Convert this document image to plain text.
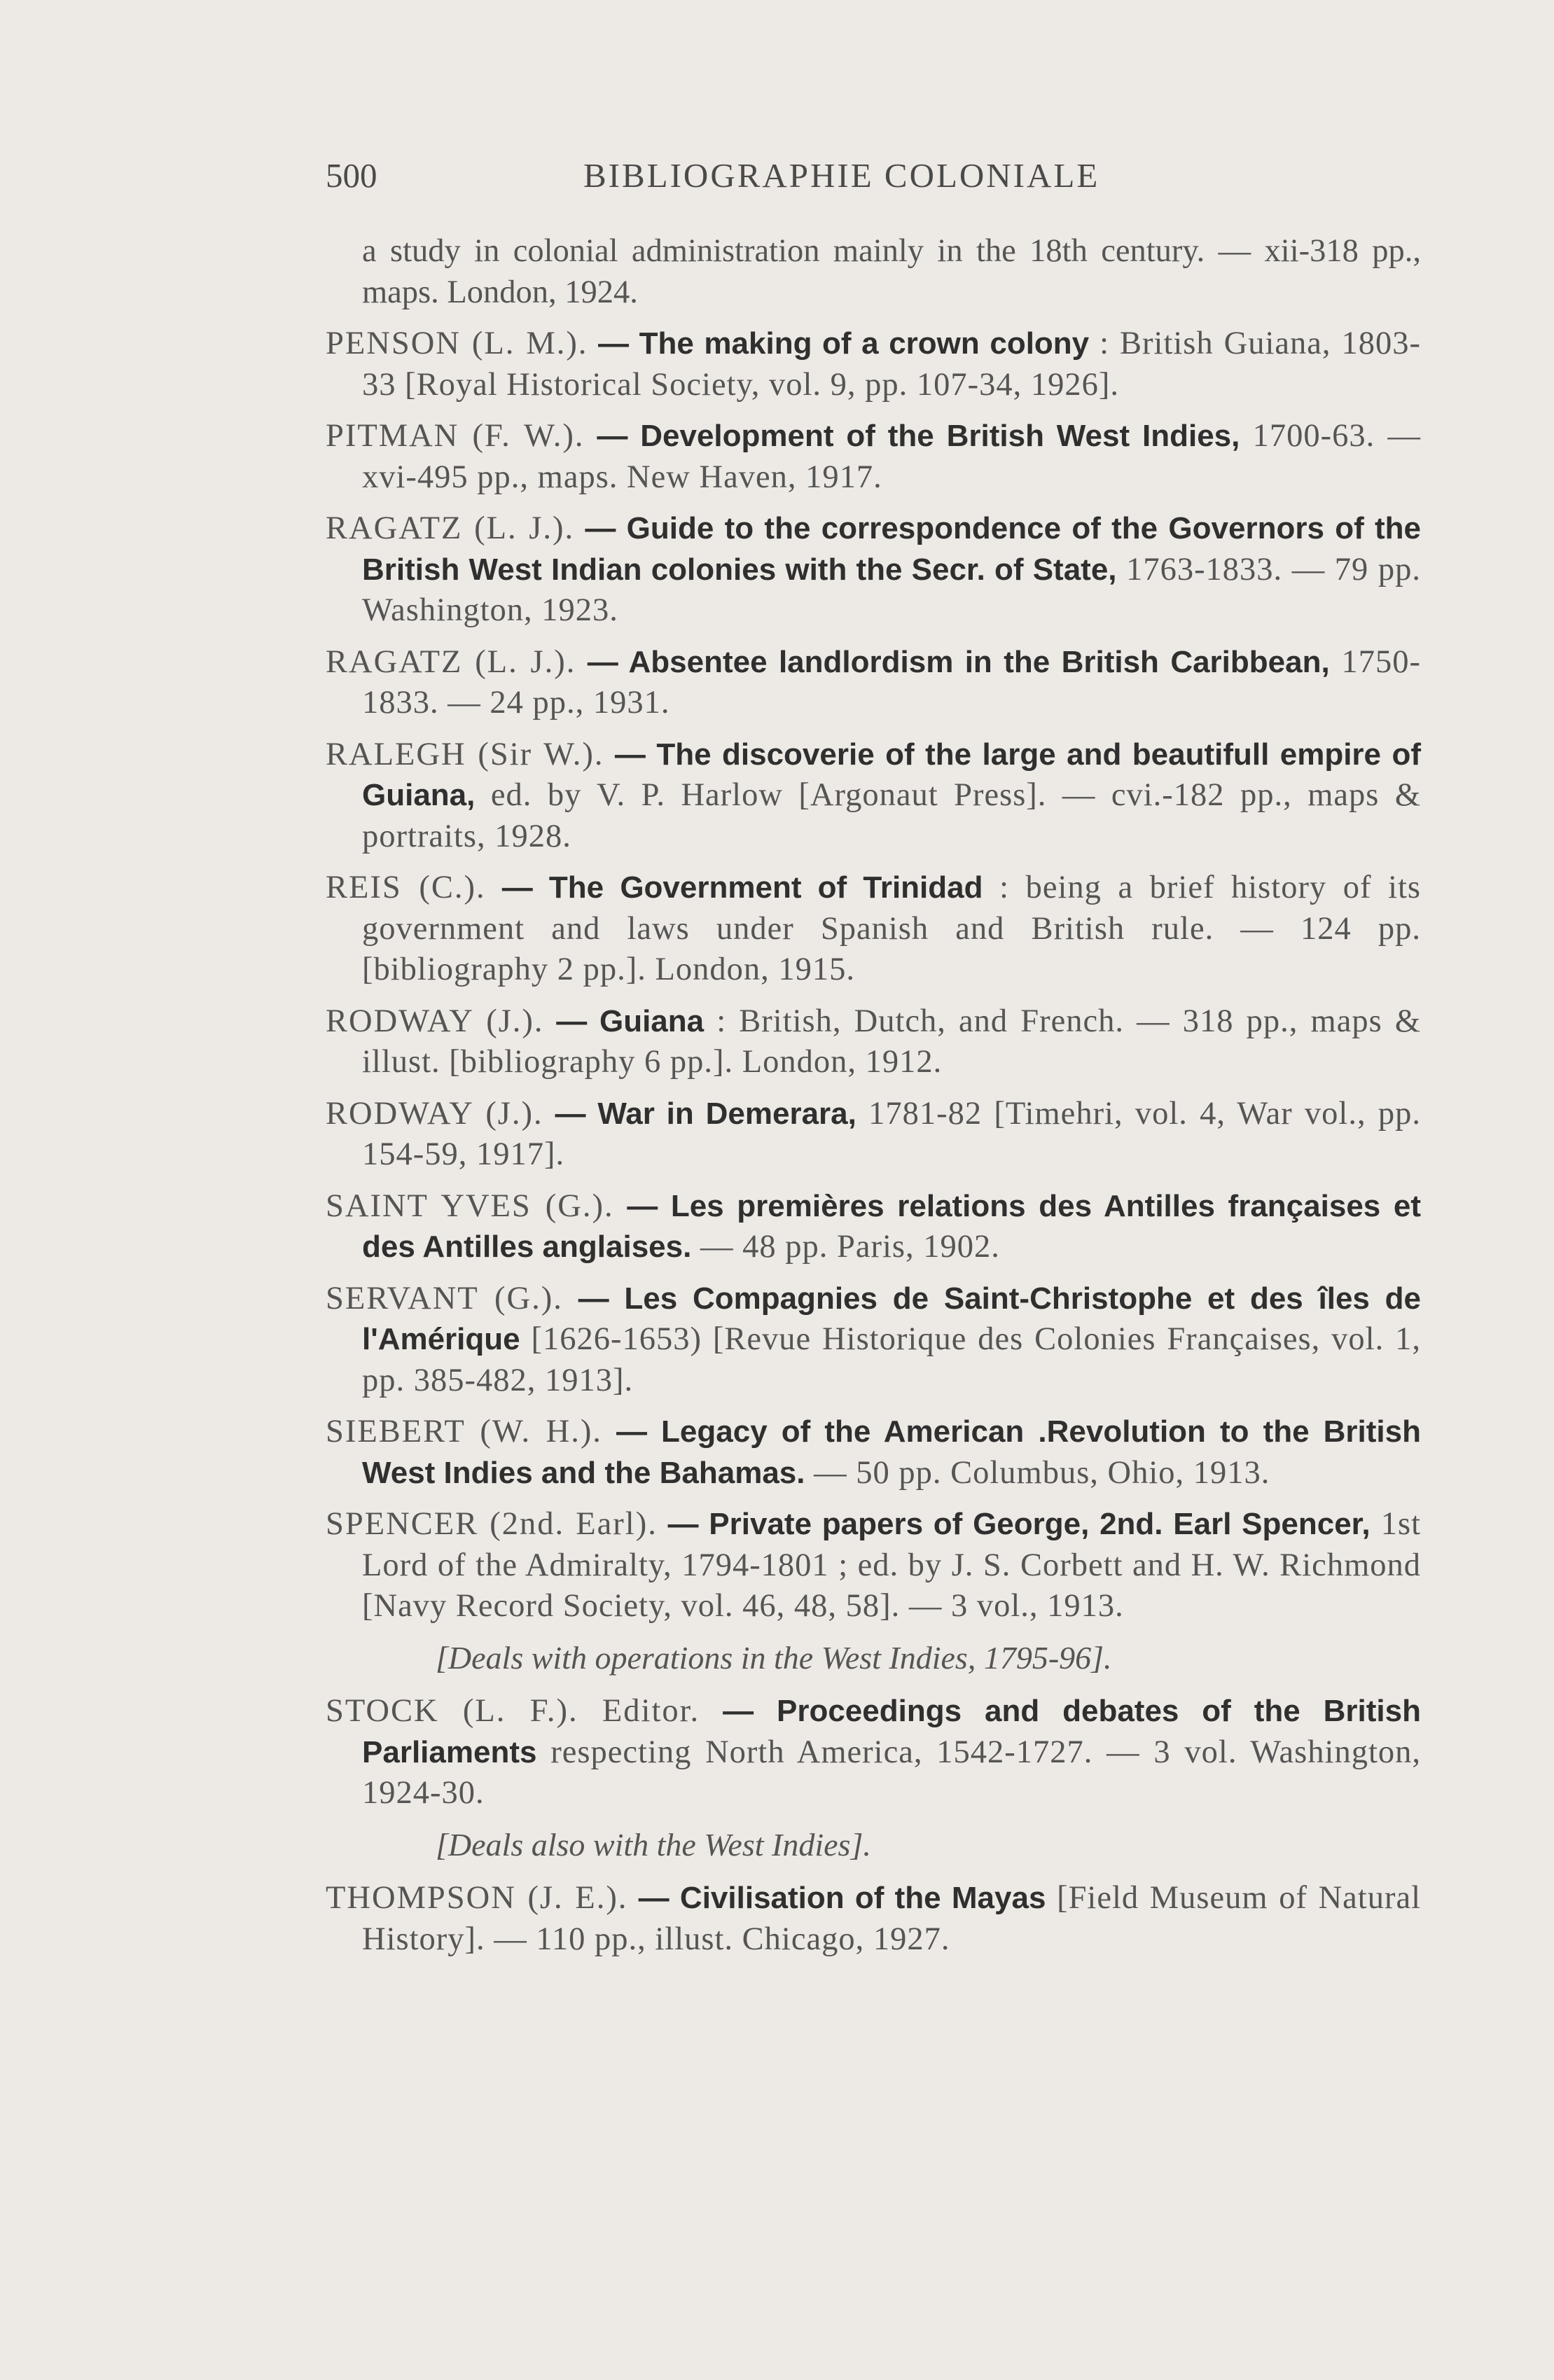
500	BIBLIOGRAPHIE COLONIALE

a study in colonial administration mainly in the 18th century. — xii-318 pp., maps. London, 1924.

PENSON (L. M.). — The making of a crown colony : British Guiana, 1803-33 [Royal Historical Society, vol. 9, pp. 107-34, 1926].

PITMAN (F. W.). — Development of the British West Indies, 1700-63. — xvi-495 pp., maps. New Haven, 1917.

RAGATZ (L. J.). — Guide to the correspondence of the Governors of the British West Indian colonies with the Secr. of State, 1763-1833. — 79 pp. Washington, 1923.

RAGATZ (L. J.). — Absentee landlordism in the British Caribbean, 1750-1833. — 24 pp., 1931.

RALEGH (Sir W.). — The discoverie of the large and beautifull empire of Guiana, ed. by V. P. Harlow [Argonaut Press]. — cvi.-182 pp., maps & portraits, 1928.

REIS (C.). — The Government of Trinidad : being a brief history of its government and laws under Spanish and British rule. — 124 pp. [bibliography 2 pp.]. London, 1915.

RODWAY (J.). — Guiana : British, Dutch, and French. — 318 pp., maps & illust. [bibliography 6 pp.]. London, 1912.

RODWAY (J.). — War in Demerara, 1781-82 [Timehri, vol. 4, War vol., pp. 154-59, 1917].

SAINT YVES (G.). — Les premières relations des Antilles françaises et des Antilles anglaises. — 48 pp. Paris, 1902.

SERVANT (G.). — Les Compagnies de Saint-Christophe et des îles de l'Amérique [1626-1653) [Revue Historique des Colonies Françaises, vol. 1, pp. 385-482, 1913].

SIEBERT (W. H.). — Legacy of the American .Revolution to the British West Indies and the Bahamas. — 50 pp. Columbus, Ohio, 1913.

SPENCER (2nd. Earl). — Private papers of George, 2nd. Earl Spencer, 1st Lord of the Admiralty, 1794-1801 ; ed. by J. S. Corbett and H. W. Richmond [Navy Record Society, vol. 46, 48, 58]. — 3 vol., 1913.

[Deals with operations in the West Indies, 1795-96].

STOCK (L. F.). Editor. — Proceedings and debates of the British Parliaments respecting North America, 1542-1727. — 3 vol. Washington, 1924-30.

[Deals also with the West Indies].

THOMPSON (J. E.). — Civilisation of the Mayas [Field Museum of Natural History]. — 110 pp., illust. Chicago, 1927.
